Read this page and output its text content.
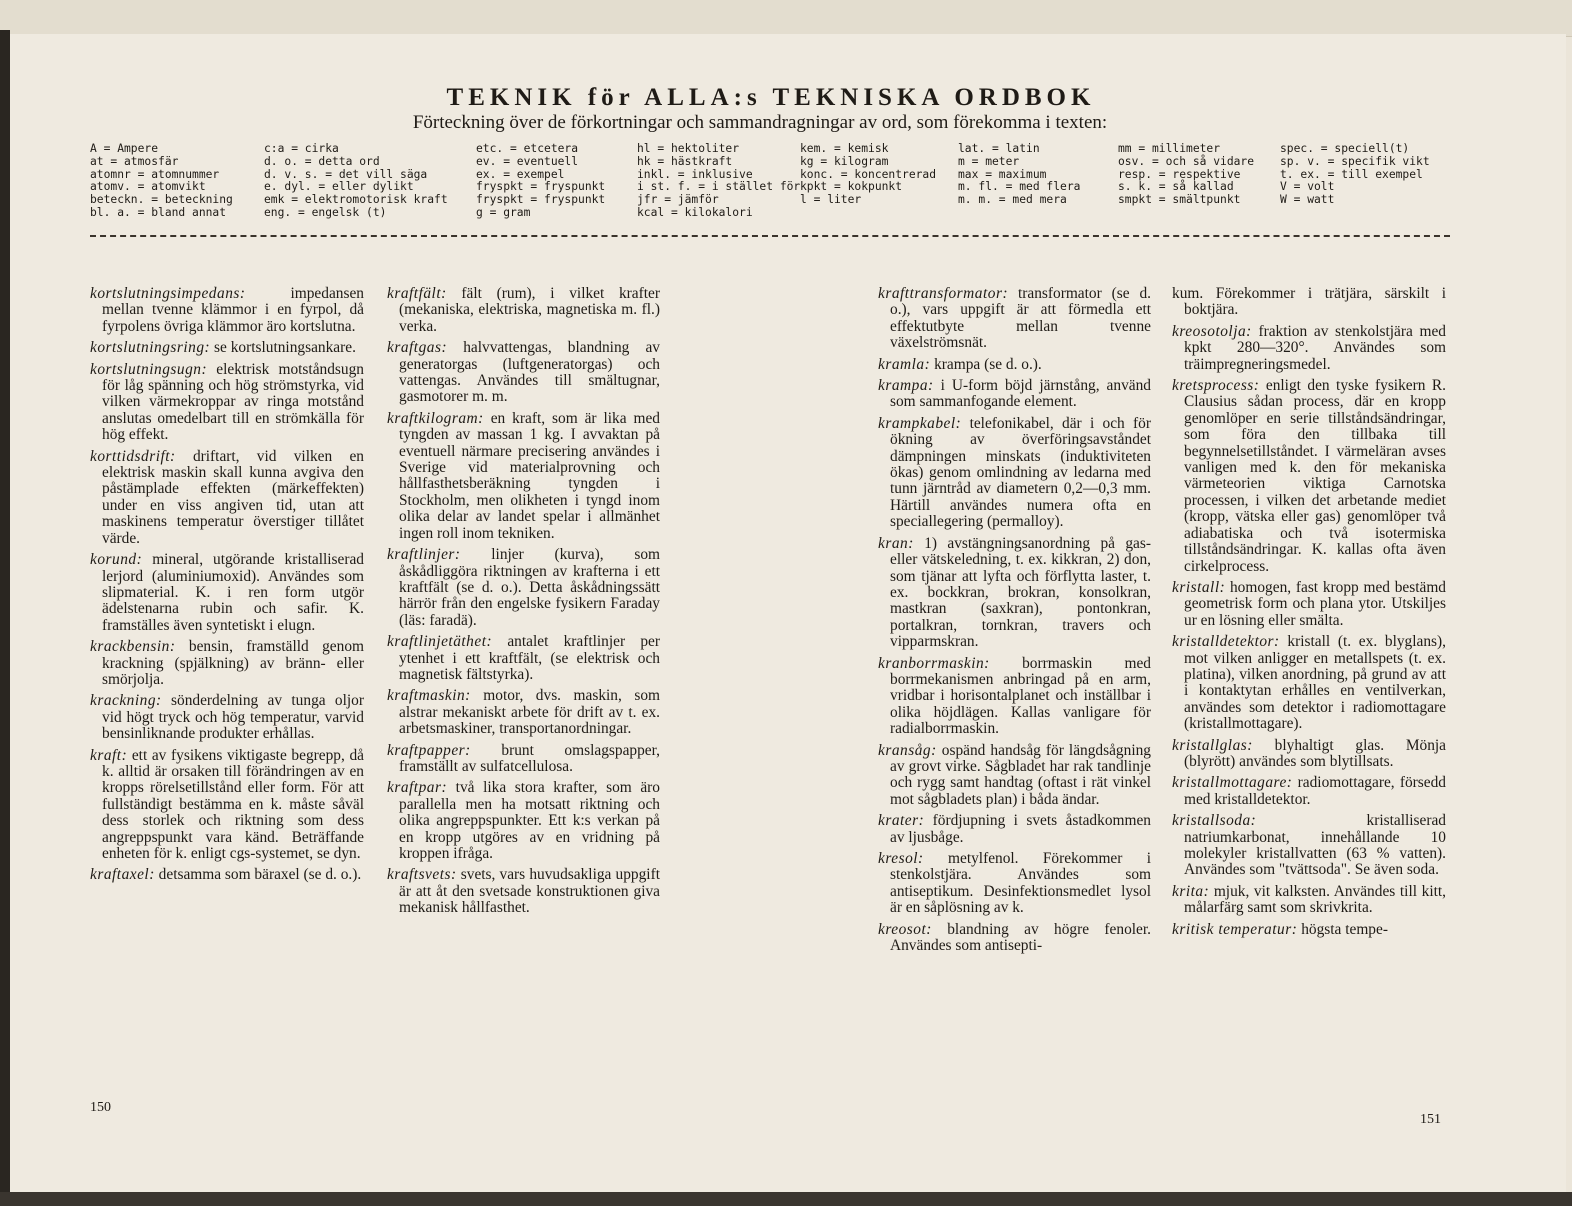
TEKNIK för ALLA:s TEKNISKA ORDBOK
Förteckning över de förkortningar och sammandragningar av ord, som förekomma i texten:
A = Ampere
at = atmosfär
atomnr = atomnummer
atomv. = atomvikt
beteckn. = beteckning
bl. a. = bland annat
c:a = cirka
d. o. = detta ord
d. v. s. = det vill säga
e. dyl. = eller dylikt
emk = elektromotorisk kraft
eng. = engelsk (t)
etc. = etcetera
ev. = eventuell
ex. = exempel
fryspkt = fryspunkt
fryspkt = fryspunkt
g = gram
hl = hektoliter
hk = hästkraft
inkl. = inklusive
i st. f. = i stället för
jfr = jämför
kcal = kilokalori
kem. = kemisk
kg = kilogram
konc. = koncentrerad
kpkt = kokpunkt
l = liter
lat. = latin
m = meter
max = maximum
m. fl. = med flera
m. m. = med mera
mm = millimeter
osv. = och så vidare
resp. = respektive
s. k. = så kallad
smpkt = smältpunkt
spec. = speciell(t)
sp. v. = specifik vikt
t. ex. = till exempel
V = volt
W = watt
kortslutningsimpedans: impedansen mellan tvenne klämmor i en fyrpol, då fyrpolens övriga klämmor äro kortslutna.
kortslutningsring: se kortslutningsankare.
kortslutningsugn: elektrisk motståndsugn för låg spänning och hög strömstyrka, vid vilken värmekroppar av ringa motstånd anslutas omedelbart till en strömkälla för hög effekt.
korttidsdrift: driftart, vid vilken en elektrisk maskin skall kunna avgiva den påstämplade effekten (märkeffekten) under en viss angiven tid, utan att maskinens temperatur överstiger tillåtet värde.
korund: mineral, utgörande kristalliserad lerjord (aluminiumoxid). Användes som slipmaterial. K. i ren form utgör ädelstenarna rubin och safir. K. framställes även syntetiskt i elugn.
krackbensin: bensin, framställd genom krackning (spjälkning) av bränn- eller smörjolja.
krackning: sönderdelning av tunga oljor vid högt tryck och hög temperatur, varvid bensinliknande produkter erhållas.
kraft: ett av fysikens viktigaste begrepp, då k. alltid är orsaken till förändringen av en kropps rörelsetillstånd eller form. För att fullständigt bestämma en k. måste såväl dess storlek och riktning som dess angreppspunkt vara känd. Beträffande enheten för k. enligt cgs-systemet, se dyn.
kraftaxel: detsamma som bäraxel (se d. o.).
kraftfält: fält (rum), i vilket krafter (mekaniska, elektriska, magnetiska m. fl.) verka.
kraftgas: halvvattengas, blandning av generatorgas (luftgeneratorgas) och vattengas. Användes till smältugnar, gasmotorer m. m.
kraftkilogram: en kraft, som är lika med tyngden av massan 1 kg. I avvaktan på eventuell närmare precisering användes i Sverige vid materialprovning och hållfasthetsberäkning tyngden i Stockholm, men olikheten i tyngd inom olika delar av landet spelar i allmänhet ingen roll inom tekniken.
kraftlinjer: linjer (kurva), som åskådliggöra riktningen av krafterna i ett kraftfält (se d. o.). Detta åskådningssätt härrör från den engelske fysikern Faraday (läs: faradä).
kraftlinjetäthet: antalet kraftlinjer per ytenhet i ett kraftfält, (se elektrisk och magnetisk fältstyrka).
kraftmaskin: motor, dvs. maskin, som alstrar mekaniskt arbete för drift av t. ex. arbetsmaskiner, transportanordningar.
kraftpapper: brunt omslagspapper, framställt av sulfatcellulosa.
kraftpar: två lika stora krafter, som äro parallella men ha motsatt riktning och olika angreppspunkter. Ett k:s verkan på en kropp utgöres av en vridning på kroppen ifråga.
kraftsvets: svets, vars huvudsakliga uppgift är att åt den svetsade konstruktionen giva mekanisk hållfasthet.
krafttransformator: transformator (se d. o.), vars uppgift är att förmedla ett effektutbyte mellan tvenne växelströmsnät.
kramla: krampa (se d. o.).
krampa: i U-form böjd järnstång, använd som sammanfogande element.
krampkabel: telefonikabel, där i och för ökning av överföringsavståndet dämpningen minskats (induktiviteten ökas) genom omlindning av ledarna med tunn järntråd av diametern 0,2—0,3 mm. Härtill användes numera ofta en speciallegering (permalloy).
kran: 1) avstängningsanordning på gas- eller vätskeledning, t. ex. kikkran, 2) don, som tjänar att lyfta och förflytta laster, t. ex. bockkran, brokran, konsolkran, mastkran (saxkran), pontonkran, portalkran, tornkran, travers och vipparmskran.
kranborrmaskin: borrmaskin med borrmekanismen anbringad på en arm, vridbar i horisontalplanet och inställbar i olika höjdlägen. Kallas vanligare för radialborrmaskin.
kransåg: ospänd handsåg för längdsågning av grovt virke. Sågbladet har rak tandlinje och rygg samt handtag (oftast i rät vinkel mot sågbladets plan) i båda ändar.
krater: fördjupning i svets åstadkommen av ljusbåge.
kresol: metylfenol. Förekommer i stenkolstjära. Användes som antiseptikum. Desinfektionsmedlet lysol är en såplösning av k.
kreosot: blandning av högre fenoler. Användes som antisepti-
kum. Förekommer i trätjära, särskilt i boktjära.
kreosotolja: fraktion av stenkolstjära med kpkt 280—320°. Användes som träimpregneringsmedel.
kretsprocess: enligt den tyske fysikern R. Clausius sådan process, där en kropp genomlöper en serie tillståndsändringar, som föra den tillbaka till begynnelsetillståndet. I värmeläran avses vanligen med k. den för mekaniska värmeteorien viktiga Carnotska processen, i vilken det arbetande mediet (kropp, vätska eller gas) genomlöper två adiabatiska och två isotermiska tillståndsändringar. K. kallas ofta även cirkelprocess.
kristall: homogen, fast kropp med bestämd geometrisk form och plana ytor. Utskiljes ur en lösning eller smälta.
kristalldetektor: kristall (t. ex. blyglans), mot vilken anligger en metallspets (t. ex. platina), vilken anordning, på grund av att i kontaktytan erhålles en ventilverkan, användes som detektor i radiomottagare (kristallmottagare).
kristallglas: blyhaltigt glas. Mönja (blyrött) användes som blytillsats.
kristallmottagare: radiomottagare, försedd med kristalldetektor.
kristallsoda: kristalliserad natriumkarbonat, innehållande 10 molekyler kristallvatten (63 % vatten). Användes som "tvättsoda". Se även soda.
krita: mjuk, vit kalksten. Användes till kitt, målarfärg samt som skrivkrita.
kritisk temperatur: högsta tempe-
150
151
